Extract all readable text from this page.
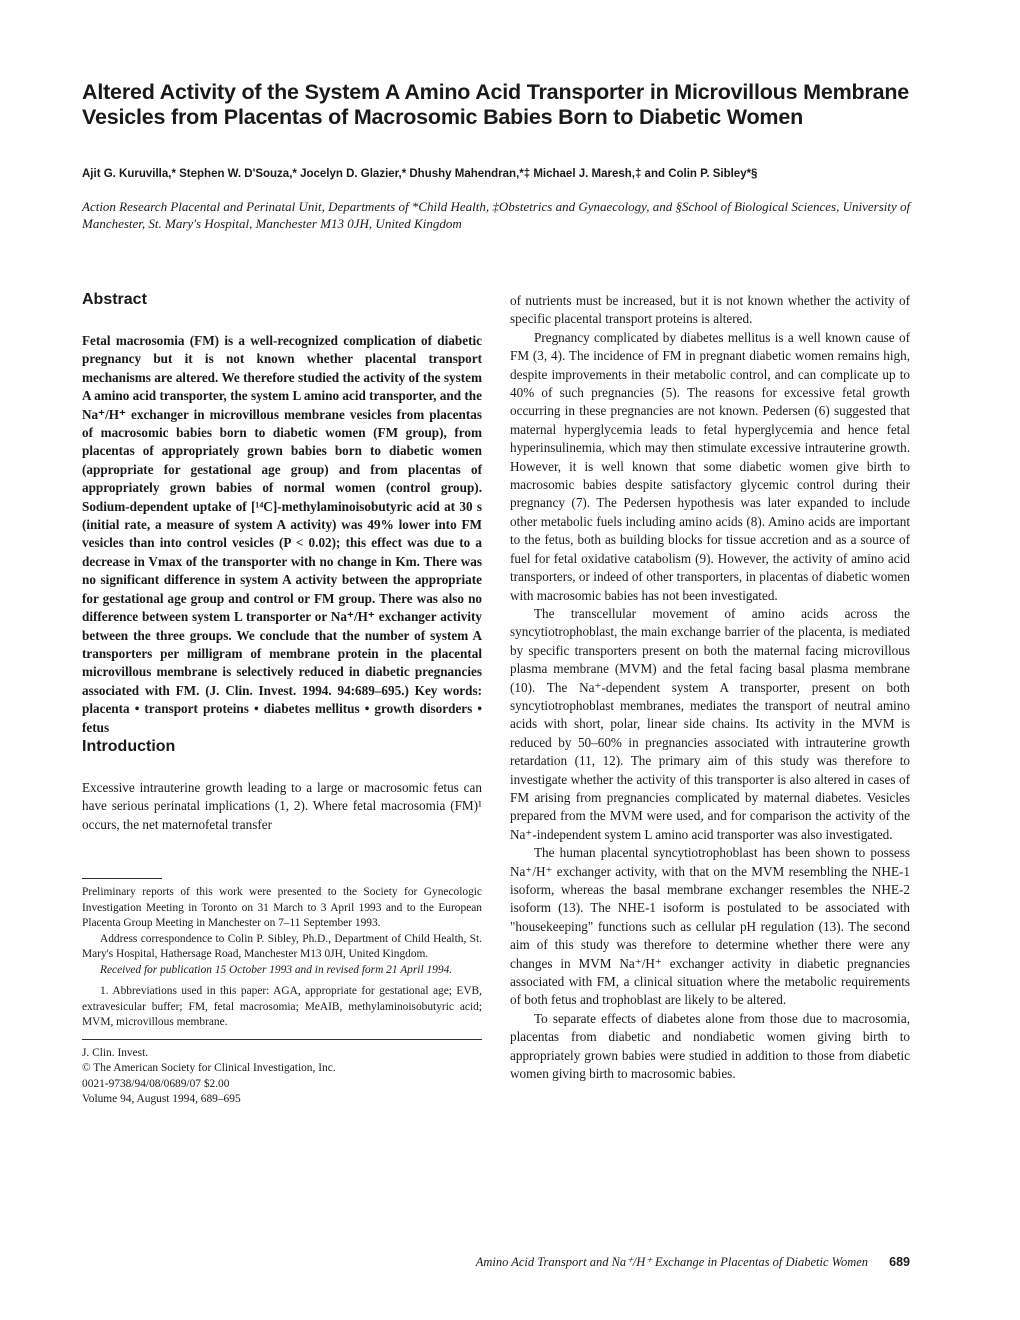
Altered Activity of the System A Amino Acid Transporter in Microvillous Membrane Vesicles from Placentas of Macrosomic Babies Born to Diabetic Women
Ajit G. Kuruvilla,* Stephen W. D'Souza,* Jocelyn D. Glazier,* Dhushy Mahendran,*‡ Michael J. Maresh,‡ and Colin P. Sibley*§
Action Research Placental and Perinatal Unit, Departments of *Child Health, ‡Obstetrics and Gynaecology, and §School of Biological Sciences, University of Manchester, St. Mary's Hospital, Manchester M13 0JH, United Kingdom
Abstract

Fetal macrosomia (FM) is a well-recognized complication of diabetic pregnancy but it is not known whether placental transport mechanisms are altered. We therefore studied the activity of the system A amino acid transporter, the system L amino acid transporter, and the Na⁺/H⁺ exchanger in microvillous membrane vesicles from placentas of macrosomic babies born to diabetic women (FM group), from placentas of appropriately grown babies born to diabetic women (appropriate for gestational age group) and from placentas of appropriately grown babies of normal women (control group). Sodium-dependent uptake of [¹⁴C]-methylaminoisobutyric acid at 30 s (initial rate, a measure of system A activity) was 49% lower into FM vesicles than into control vesicles (P < 0.02); this effect was due to a decrease in Vmax of the transporter with no change in Km. There was no significant difference in system A activity between the appropriate for gestational age group and control or FM group. There was also no difference between system L transporter or Na⁺/H⁺ exchanger activity between the three groups. We conclude that the number of system A transporters per milligram of membrane protein in the placental microvillous membrane is selectively reduced in diabetic pregnancies associated with FM. (J. Clin. Invest. 1994. 94:689–695.) Key words: placenta • transport proteins • diabetes mellitus • growth disorders • fetus

Introduction

Excessive intrauterine growth leading to a large or macrosomic fetus can have serious perinatal implications (1, 2). Where fetal macrosomia (FM)¹ occurs, the net maternofetal transfer

Preliminary reports of this work were presented to the Society for Gynecologic Investigation Meeting in Toronto on 31 March to 3 April 1993 and to the European Placenta Group Meeting in Manchester on 7–11 September 1993.

Address correspondence to Colin P. Sibley, Ph.D., Department of Child Health, St. Mary's Hospital, Hathersage Road, Manchester M13 0JH, United Kingdom.

Received for publication 15 October 1993 and in revised form 21 April 1994.

1. Abbreviations used in this paper: AGA, appropriate for gestational age; EVB, extravesicular buffer; FM, fetal macrosomia; MeAIB, methylaminoisobutyric acid; MVM, microvillous membrane.

J. Clin. Invest.

© The American Society for Clinical Investigation, Inc.

0021-9738/94/08/0689/07 $2.00

Volume 94, August 1994, 689–695

of nutrients must be increased, but it is not known whether the activity of specific placental transport proteins is altered.

Pregnancy complicated by diabetes mellitus is a well known cause of FM (3, 4). The incidence of FM in pregnant diabetic women remains high, despite improvements in their metabolic control, and can complicate up to 40% of such pregnancies (5). The reasons for excessive fetal growth occurring in these pregnancies are not known. Pedersen (6) suggested that maternal hyperglycemia leads to fetal hyperglycemia and hence fetal hyperinsulinemia, which may then stimulate excessive intrauterine growth. However, it is well known that some diabetic women give birth to macrosomic babies despite satisfactory glycemic control during their pregnancy (7). The Pedersen hypothesis was later expanded to include other metabolic fuels including amino acids (8). Amino acids are important to the fetus, both as building blocks for tissue accretion and as a source of fuel for fetal oxidative catabolism (9). However, the activity of amino acid transporters, or indeed of other transporters, in placentas of diabetic women with macrosomic babies has not been investigated.

The transcellular movement of amino acids across the syncytiotrophoblast, the main exchange barrier of the placenta, is mediated by specific transporters present on both the maternal facing microvillous plasma membrane (MVM) and the fetal facing basal plasma membrane (10). The Na⁺-dependent system A transporter, present on both syncytiotrophoblast membranes, mediates the transport of neutral amino acids with short, polar, linear side chains. Its activity in the MVM is reduced by 50–60% in pregnancies associated with intrauterine growth retardation (11, 12). The primary aim of this study was therefore to investigate whether the activity of this transporter is also altered in cases of FM arising from pregnancies complicated by maternal diabetes. Vesicles prepared from the MVM were used, and for comparison the activity of the Na⁺-independent system L amino acid transporter was also investigated.

The human placental syncytiotrophoblast has been shown to possess Na⁺/H⁺ exchanger activity, with that on the MVM resembling the NHE-1 isoform, whereas the basal membrane exchanger resembles the NHE-2 isoform (13). The NHE-1 isoform is postulated to be associated with "housekeeping" functions such as cellular pH regulation (13). The second aim of this study was therefore to determine whether there were any changes in MVM Na⁺/H⁺ exchanger activity in diabetic pregnancies associated with FM, a clinical situation where the metabolic requirements of both fetus and trophoblast are likely to be altered.

To separate effects of diabetes alone from those due to macrosomia, placentas from diabetic and nondiabetic women giving birth to appropriately grown babies were studied in addition to those from diabetic women giving birth to macrosomic babies.

Amino Acid Transport and Na⁺/H⁺ Exchange in Placentas of Diabetic Women 689
